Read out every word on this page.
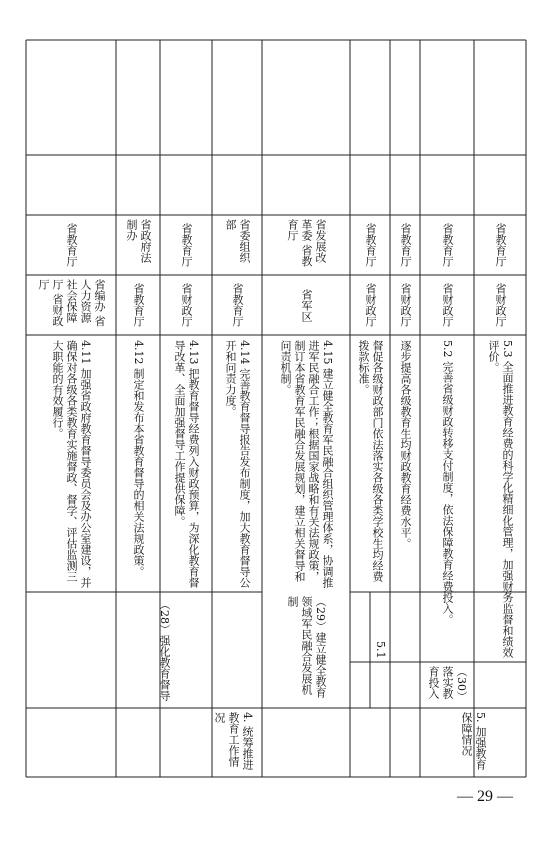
4.11 加强省政府教育督导委员会及办公室建设，并确保对各级各类教育实施督政、督学、评估监测三大职能的有效履行。
省编办 省人力资源社会保障厅 省财政厅
省教育厅
4.12 制定和发布本省教育督导的相关法规政策。
省教育厅
省政府法制办
4.13 把教育督导经费列入财政预算，为深化教育督导改革、全面加强督导工作提供保障。
省财政厅
省教育厅
4.14 完善教育督导报告发布制度，加大教育督导公开和问责力度。
省教育厅
省委组织部
4.15 建立健全教育军民融合组织管理体系，协调推进军民融合工作；根据国家战略和有关法规政策，制订本省教育军民融合发展规划，建立相关督导和问责机制。
省军区
省发展改革委 省教育厅
督促各级财政部门依法落实各级各类学校生均经费拨款标准。
省财政厅
省教育厅
逐步提高各级教育生均财政教育经费水平。
省财政厅
省教育厅
5.2 完善省级财政转移支付制度，依法保障教育经费投入。
省财政厅
省教育厅
5.3 全面推进教育经费的科学化精细化管理，加强财务监督和绩效评价。
省财政厅
省教育厅
5.1
（28）强化教育督导	（29）建立健全教育领域军民融合发展机制
（30）落实教育投入
4. 统筹推进教育工作情况	5. 加强教育保障情况
— 29 —
